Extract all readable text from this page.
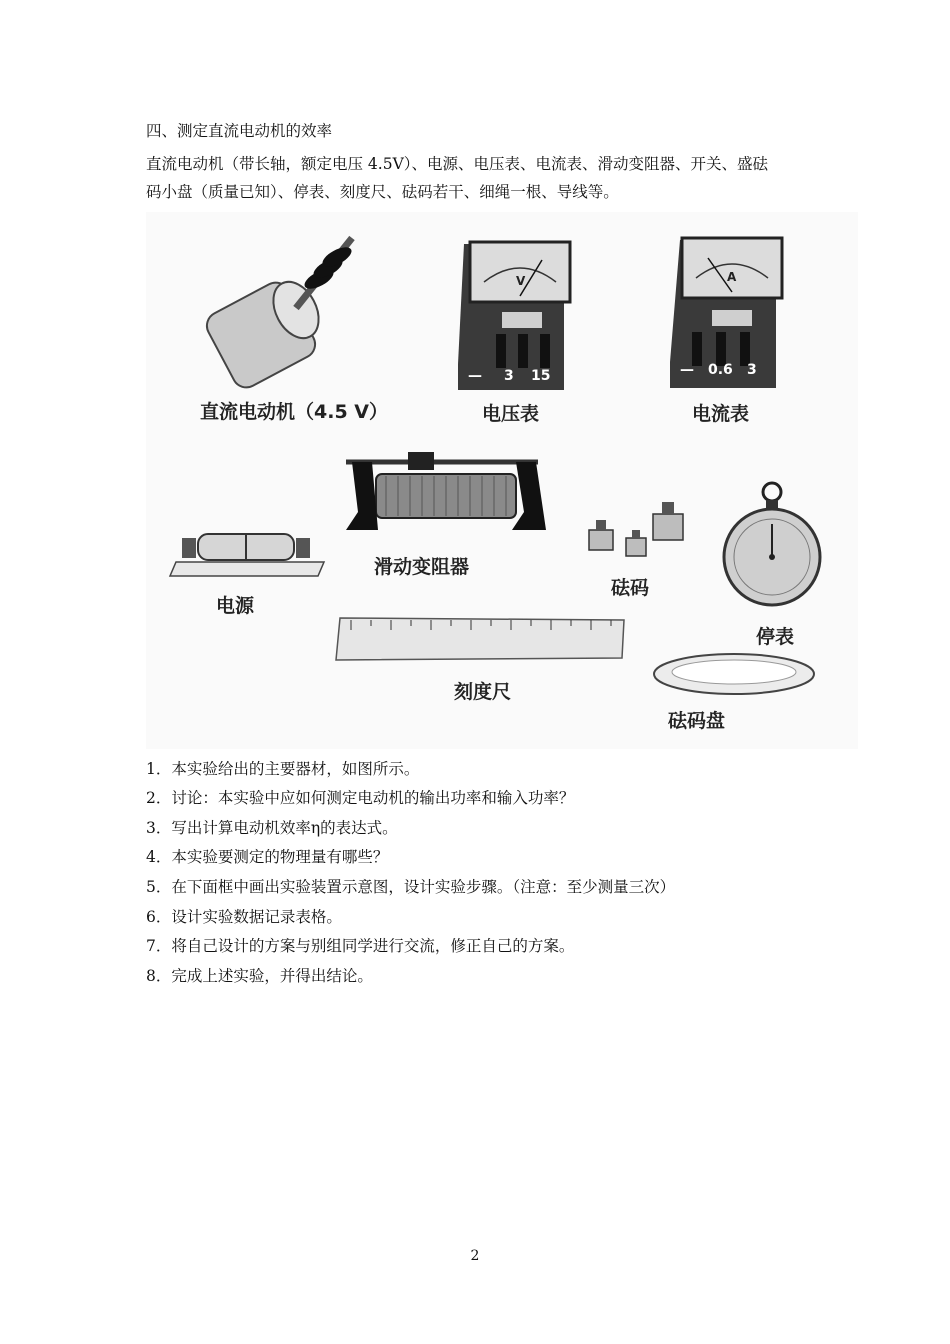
四、测定直流电动机的效率
直流电动机（带长轴，额定电压 4.5V）、电源、电压表、电流表、滑动变阻器、开关、盛砝
码小盘（质量已知）、停表、刻度尺、砝码若干、细绳一根、导线等。
V
— 3 15
A
— 0.6 3
直流电动机（4.5 V）	电压表	电流表
滑动变阻器
电源
砝码
停表
刻度尺
砝码盘
1．本实验给出的主要器材，如图所示。
2．讨论：本实验中应如何测定电动机的输出功率和输入功率？
3．写出计算电动机效率η的表达式。
4．本实验要测定的物理量有哪些？
5．在下面框中画出实验装置示意图，设计实验步骤。（注意：至少测量三次）
6．设计实验数据记录表格。
7．将自己设计的方案与别组同学进行交流，修正自己的方案。
8．完成上述实验，并得出结论。
2
